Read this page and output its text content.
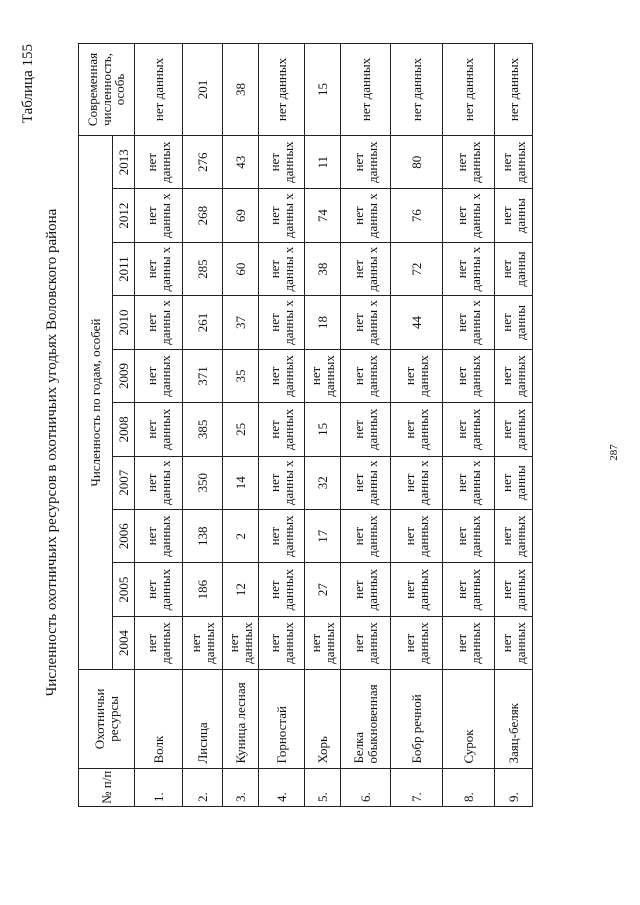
Таблица 155
Численность охотничьих ресурсов в охотничьих угодьях Воловского района
№ п/п	Охотничьи ресурсы	Численность по годам, особей										Современная численность, особь
		2004	2005	2006	2007	2008	2009	2010	2011	2012	2013	
1.	Волк	нет данных	нет данных	нет данных	нет данны х	нет данных	нет данных	нет данны х	нет данны х	нет данны х	нет данных	нет данных
2.	Лисица	нет данных	186	138	350	385	371	261	285	268	276	201
3.	Куница лесная	нет данных	12	2	14	25	35	37	60	69	43	38
4.	Горностай	нет данных	нет данных	нет данных	нет данны х	нет данных	нет данных	нет данны х	нет данны х	нет данны х	нет данных	нет данных
5.	Хорь	нет данных	27	17	32	15	нет данных	18	38	74	11	15
6.	Белка обыкновенная	нет данных	нет данных	нет данных	нет данны х	нет данных	нет данных	нет данны х	нет данны х	нет данны х	нет данных	нет данных
7.	Бобр речной	нет данных	нет данных	нет данных	нет данны х	нет данных	нет данных	44	72	76	80	нет данных
8.	Сурок	нет данных	нет данных	нет данных	нет данны х	нет данных	нет данных	нет данны х	нет данны х	нет данны х	нет данных	нет данных
9.	Заяц-беляк	нет данных	нет данных	нет данных	нет данны	нет данных	нет данных	нет данны	нет данны	нет данны	нет данных	нет данных
287
